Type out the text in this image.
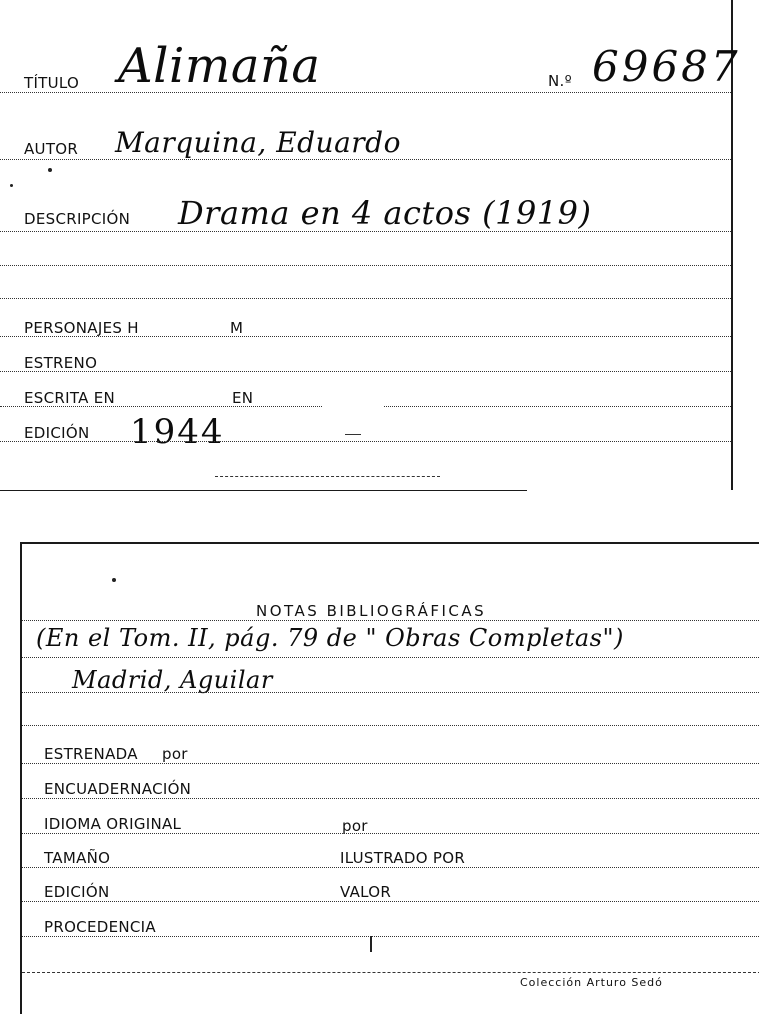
TÍTULO Alimaña	N.º 69687
AUTOR Marquina, Eduardo
DESCRIPCIÓN Drama en 4 actos (1919)
PERSONAJES H	M
ESTRENO
ESCRITA EN	EN
EDICIÓN 1944
NOTAS BIBLIOGRÁFICAS
(En el Tom. II, pág. 79 de " Obras Completas")
Madrid, Aguilar
ESTRENADA por
ENCUADERNACIÓN
IDIOMA ORIGINAL	por
TAMAÑO	ILUSTRADO POR
EDICIÓN	VALOR
PROCEDENCIA
Colección Arturo Sedó
